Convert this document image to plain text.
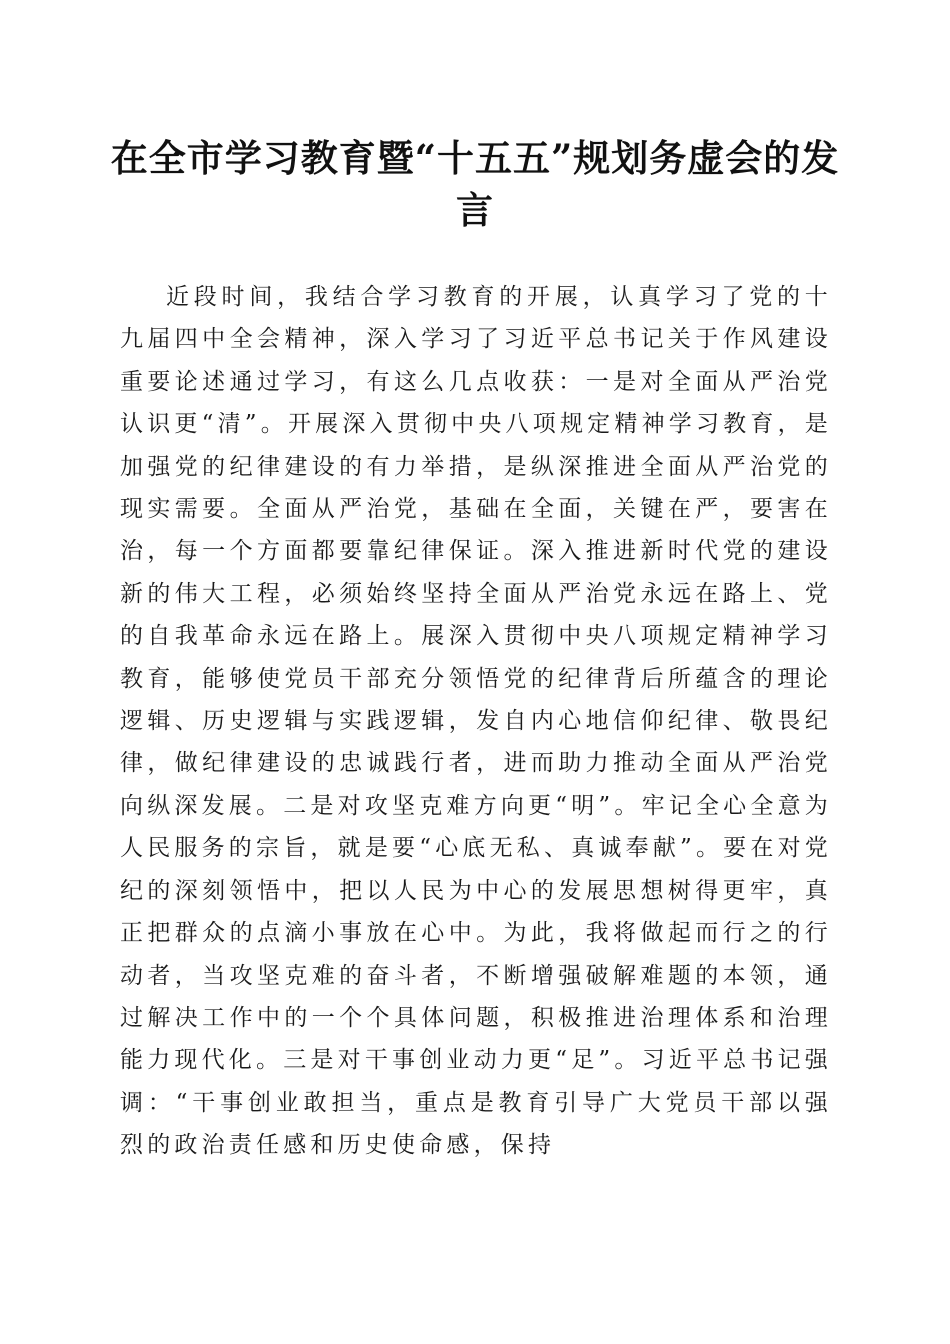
在全市学习教育暨“十五五”规划务虚会的发言

近段时间，我结合学习教育的开展，认真学习了党的十九届四中全会精神，深入学习了习近平总书记关于作风建设重要论述通过学习，有这么几点收获：一是对全面从严治党认识更“清”。开展深入贯彻中央八项规定精神学习教育，是加强党的纪律建设的有力举措，是纵深推进全面从严治党的现实需要。全面从严治党，基础在全面，关键在严，要害在治，每一个方面都要靠纪律保证。深入推进新时代党的建设新的伟大工程，必须始终坚持全面从严治党永远在路上、党的自我革命永远在路上。展深入贯彻中央八项规定精神学习教育，能够使党员干部充分领悟党的纪律背后所蕴含的理论逻辑、历史逻辑与实践逻辑，发自内心地信仰纪律、敬畏纪律，做纪律建设的忠诚践行者，进而助力推动全面从严治党向纵深发展。二是对攻坚克难方向更“明”。牢记全心全意为人民服务的宗旨，就是要“心底无私、真诚奉献”。要在对党纪的深刻领悟中，把以人民为中心的发展思想树得更牢，真正把群众的点滴小事放在心中。为此，我将做起而行之的行动者，当攻坚克难的奋斗者，不断增强破解难题的本领，通过解决工作中的一个个具体问题，积极推进治理体系和治理能力现代化。三是对干事创业动力更“足”。习近平总书记强调：“干事创业敢担当，重点是教育引导广大党员干部以强烈的政治责任感和历史使命感，保持
